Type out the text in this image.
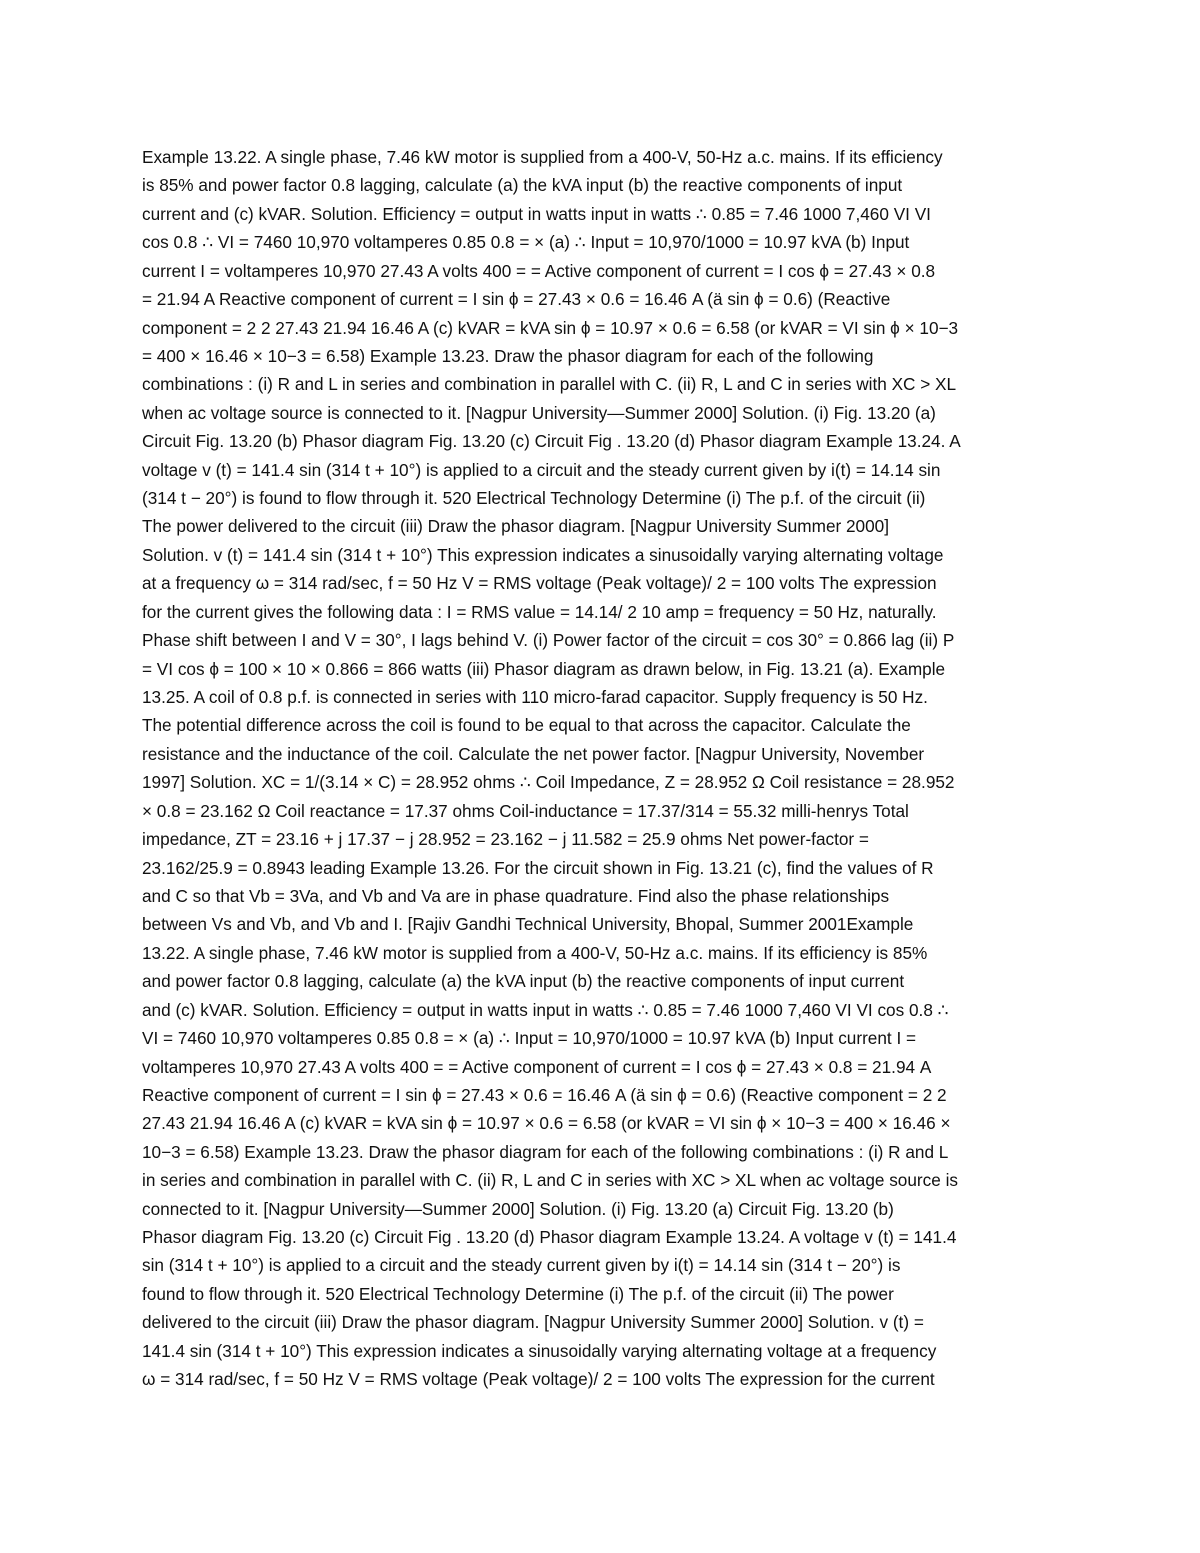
Example 13.22. A single phase, 7.46 kW motor is supplied from a 400-V, 50-Hz a.c. mains. If its efficiency
is 85% and power factor 0.8 lagging, calculate (a) the kVA input (b) the reactive components of input
current and (c) kVAR. Solution. Efficiency = output in watts input in watts ∴ 0.85 = 7.46 1000 7,460 VI VI
cos 0.8 ∴ VI = 7460 10,970 voltamperes 0.85 0.8 = × (a) ∴ Input = 10,970/1000 = 10.97 kVA (b) Input
current I = voltamperes 10,970 27.43 A volts 400 = = Active component of current = I cos ϕ = 27.43 × 0.8
= 21.94 A Reactive component of current = I sin ϕ = 27.43 × 0.6 = 16.46 A (ä sin ϕ = 0.6) (Reactive
component = 2 2 27.43 21.94 16.46 A (c) kVAR = kVA sin ϕ = 10.97 × 0.6 = 6.58 (or kVAR = VI sin ϕ × 10−3
= 400 × 16.46 × 10−3 = 6.58) Example 13.23. Draw the phasor diagram for each of the following
combinations : (i) R and L in series and combination in parallel with C. (ii) R, L and C in series with XC > XL
when ac voltage source is connected to it. [Nagpur University—Summer 2000] Solution. (i) Fig. 13.20 (a)
Circuit Fig. 13.20 (b) Phasor diagram Fig. 13.20 (c) Circuit Fig . 13.20 (d) Phasor diagram Example 13.24. A
voltage v (t) = 141.4 sin (314 t + 10°) is applied to a circuit and the steady current given by i(t) = 14.14 sin
(314 t − 20°) is found to flow through it. 520 Electrical Technology Determine (i) The p.f. of the circuit (ii)
The power delivered to the circuit (iii) Draw the phasor diagram. [Nagpur University Summer 2000]
Solution. v (t) = 141.4 sin (314 t + 10°) This expression indicates a sinusoidally varying alternating voltage
at a frequency ω = 314 rad/sec, f = 50 Hz V = RMS voltage (Peak voltage)/ 2 = 100 volts The expression
for the current gives the following data : I = RMS value = 14.14/ 2 10 amp = frequency = 50 Hz, naturally.
Phase shift between I and V = 30°, I lags behind V. (i) Power factor of the circuit = cos 30° = 0.866 lag (ii) P
= VI cos ϕ = 100 × 10 × 0.866 = 866 watts (iii) Phasor diagram as drawn below, in Fig. 13.21 (a). Example
13.25. A coil of 0.8 p.f. is connected in series with 110 micro-farad capacitor. Supply frequency is 50 Hz.
The potential difference across the coil is found to be equal to that across the capacitor. Calculate the
resistance and the inductance of the coil. Calculate the net power factor. [Nagpur University, November
1997] Solution. XC = 1/(3.14 × C) = 28.952 ohms ∴ Coil Impedance, Z = 28.952 Ω Coil resistance = 28.952
× 0.8 = 23.162 Ω Coil reactance = 17.37 ohms Coil-inductance = 17.37/314 = 55.32 milli-henrys Total
impedance, ZT = 23.16 + j 17.37 − j 28.952 = 23.162 − j 11.582 = 25.9 ohms Net power-factor =
23.162/25.9 = 0.8943 leading Example 13.26. For the circuit shown in Fig. 13.21 (c), find the values of R
and C so that Vb = 3Va, and Vb and Va are in phase quadrature. Find also the phase relationships
between Vs and Vb, and Vb and I. [Rajiv Gandhi Technical University, Bhopal, Summer 2001Example
13.22. A single phase, 7.46 kW motor is supplied from a 400-V, 50-Hz a.c. mains. If its efficiency is 85%
and power factor 0.8 lagging, calculate (a) the kVA input (b) the reactive components of input current
and (c) kVAR. Solution. Efficiency = output in watts input in watts ∴ 0.85 = 7.46 1000 7,460 VI VI cos 0.8 ∴
VI = 7460 10,970 voltamperes 0.85 0.8 = × (a) ∴ Input = 10,970/1000 = 10.97 kVA (b) Input current I =
voltamperes 10,970 27.43 A volts 400 = = Active component of current = I cos ϕ = 27.43 × 0.8 = 21.94 A
Reactive component of current = I sin ϕ = 27.43 × 0.6 = 16.46 A (ä sin ϕ = 0.6) (Reactive component = 2 2
27.43 21.94 16.46 A (c) kVAR = kVA sin ϕ = 10.97 × 0.6 = 6.58 (or kVAR = VI sin ϕ × 10−3 = 400 × 16.46 ×
10−3 = 6.58) Example 13.23. Draw the phasor diagram for each of the following combinations : (i) R and L
in series and combination in parallel with C. (ii) R, L and C in series with XC > XL when ac voltage source is
connected to it. [Nagpur University—Summer 2000] Solution. (i) Fig. 13.20 (a) Circuit Fig. 13.20 (b)
Phasor diagram Fig. 13.20 (c) Circuit Fig . 13.20 (d) Phasor diagram Example 13.24. A voltage v (t) = 141.4
sin (314 t + 10°) is applied to a circuit and the steady current given by i(t) = 14.14 sin (314 t − 20°) is
found to flow through it. 520 Electrical Technology Determine (i) The p.f. of the circuit (ii) The power
delivered to the circuit (iii) Draw the phasor diagram. [Nagpur University Summer 2000] Solution. v (t) =
141.4 sin (314 t + 10°) This expression indicates a sinusoidally varying alternating voltage at a frequency
ω = 314 rad/sec, f = 50 Hz V = RMS voltage (Peak voltage)/ 2 = 100 volts The expression for the current
